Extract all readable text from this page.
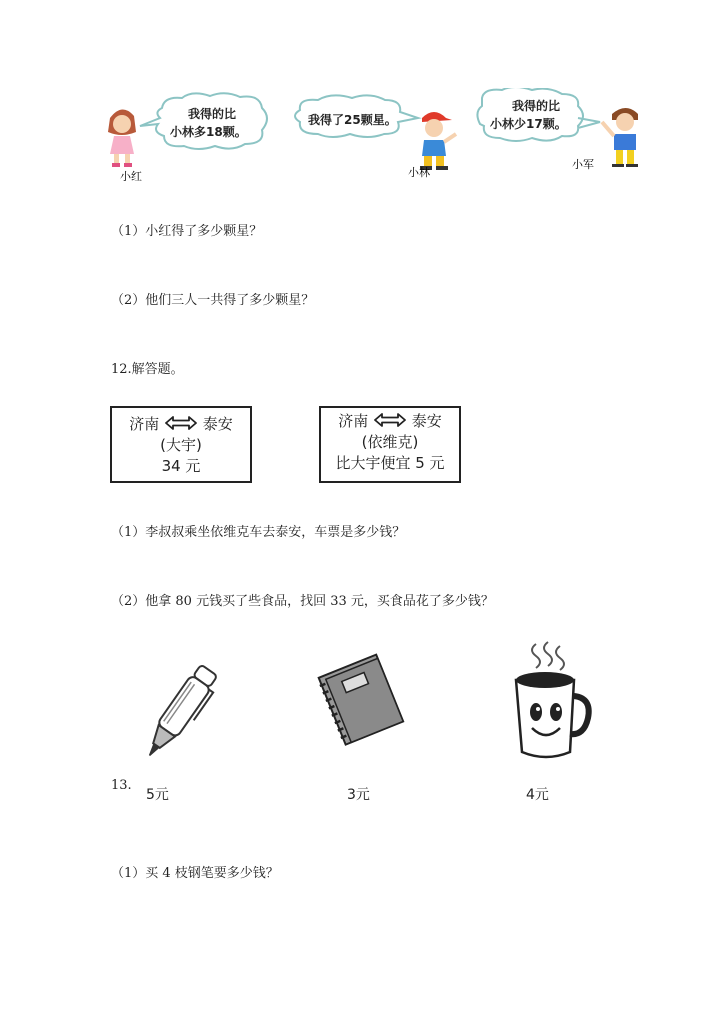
我得的比
小林多18颗。
我得了25颗星。
我得的比
小林少17颗。
小红	小林
小军
（1）小红得了多少颗星？
（2）他们三人一共得了多少颗星？
12.解答题。
济南	泰安
(大宇)
34 元
济南	泰安
(依维克)
比大宇便宜 5 元
（1）李叔叔乘坐依维克车去泰安，车票是多少钱？
（2）他拿 80 元钱买了些食品，找回 33 元，买食品花了多少钱？
5元	3元	4元
13.
（1）买 4 枝钢笔要多少钱？
